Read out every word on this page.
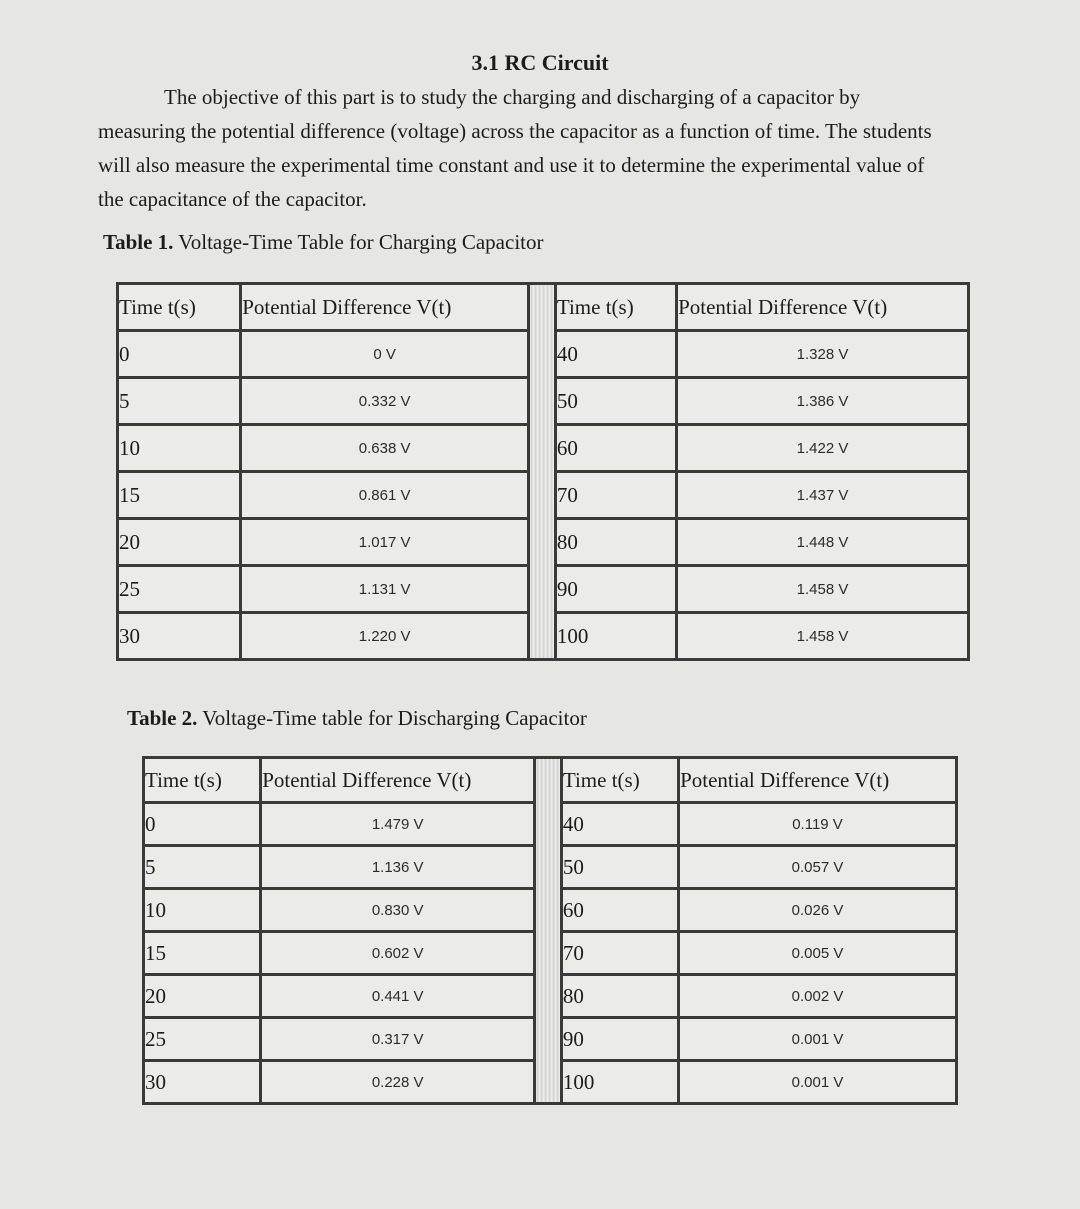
3.1 RC Circuit
The objective of this part is to study the charging and discharging of a capacitor by measuring the potential difference (voltage) across the capacitor as a function of time. The students will also measure the experimental time constant and use it to determine the experimental value of the capacitance of the capacitor.
Table 1. Voltage-Time Table for Charging Capacitor
Time t(s)	Potential Difference V(t)		Time t(s)	Potential Difference V(t)
0	0 V		40	1.328 V
5	0.332 V		50	1.386 V
10	0.638 V		60	1.422 V
15	0.861 V		70	1.437 V
20	1.017 V		80	1.448 V
25	1.131 V		90	1.458 V
30	1.220 V		100	1.458 V
Table 2. Voltage-Time table for Discharging Capacitor
Time t(s)	Potential Difference V(t)		Time t(s)	Potential Difference V(t)
0	1.479 V		40	0.119 V
5	1.136 V		50	0.057 V
10	0.830 V		60	0.026 V
15	0.602 V		70	0.005 V
20	0.441 V		80	0.002 V
25	0.317 V		90	0.001 V
30	0.228 V		100	0.001 V
